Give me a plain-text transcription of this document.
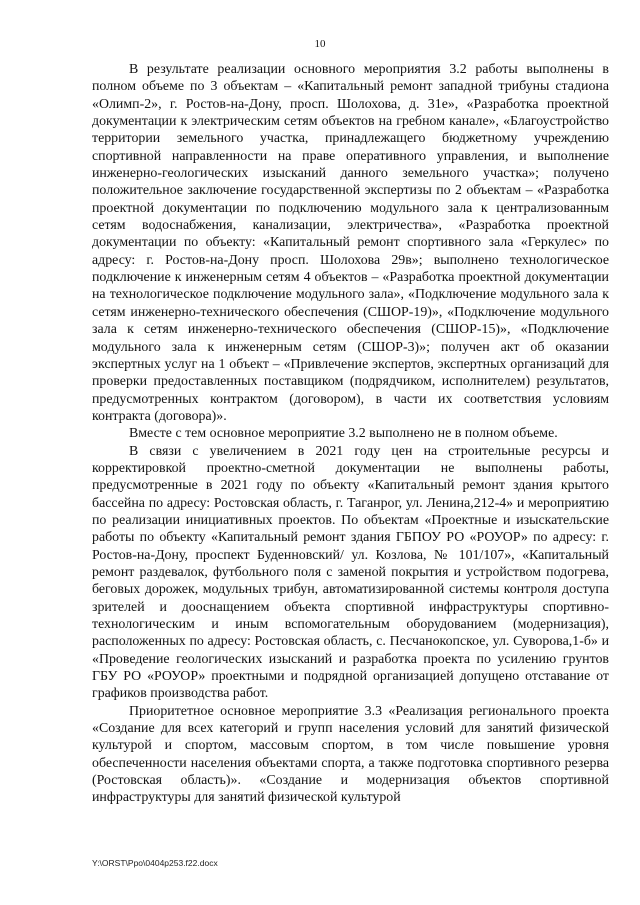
10

В результате реализации основного мероприятия 3.2 работы выполнены в полном объеме по 3 объектам – «Капитальный ремонт западной трибуны стадиона «Олимп-2», г. Ростов-на-Дону, просп. Шолохова, д. 31е», «Разработка проектной документации к электрическим сетям объектов на гребном канале», «Благоустройство территории земельного участка, принадлежащего бюджетному учреждению спортивной направленности на праве оперативного управления, и выполнение инженерно-геологических изысканий данного земельного участка»; получено положительное заключение государственной экспертизы по 2 объектам – «Разработка проектной документации по подключению модульного зала к централизованным сетям водоснабжения, канализации, электричества», «Разработка проектной документации по объекту: «Капитальный ремонт спортивного зала «Геркулес» по адресу: г. Ростов-на-Дону просп. Шолохова 29в»; выполнено технологическое подключение к инженерным сетям 4 объектов – «Разработка проектной документации на технологическое подключение модульного зала», «Подключение модульного зала к сетям инженерно-технического обеспечения (СШОР-19)», «Подключение модульного зала к сетям инженерно-технического обеспечения (СШОР-15)», «Подключение модульного зала к инженерным сетям (СШОР-3)»; получен акт об оказании экспертных услуг на 1 объект – «Привлечение экспертов, экспертных организаций для проверки предоставленных поставщиком (подрядчиком, исполнителем) результатов, предусмотренных контрактом (договором), в части их соответствия условиям контракта (договора)».

Вместе с тем основное мероприятие 3.2 выполнено не в полном объеме.

В связи с увеличением в 2021 году цен на строительные ресурсы и корректировкой проектно-сметной документации не выполнены работы, предусмотренные в 2021 году по объекту «Капитальный ремонт здания крытого бассейна по адресу: Ростовская область, г. Таганрог, ул. Ленина,212-4» и мероприятию по реализации инициативных проектов. По объектам «Проектные и изыскательские работы по объекту «Капитальный ремонт здания ГБПОУ РО «РОУОР» по адресу: г. Ростов-на-Дону, проспект Буденновский/ ул. Козлова, № 101/107», «Капитальный ремонт раздевалок, футбольного поля с заменой покрытия и устройством подогрева, беговых дорожек, модульных трибун, автоматизированной системы контроля доступа зрителей и дооснащением объекта спортивной инфраструктуры спортивно-технологическим и иным вспомогательным оборудованием (модернизация), расположенных по адресу: Ростовская область, с. Песчанокопское, ул. Суворова,1-б» и «Проведение геологических изысканий и разработка проекта по усилению грунтов ГБУ РО «РОУОР» проектными и подрядной организацией допущено отставание от графиков производства работ.

Приоритетное основное мероприятие 3.3 «Реализация регионального проекта «Создание для всех категорий и групп населения условий для занятий физической культурой и спортом, массовым спортом, в том числе повышение уровня обеспеченности населения объектами спорта, а также подготовка спортивного резерва (Ростовская область)». «Создание и модернизация объектов спортивной инфраструктуры для занятий физической культурой

Y:\ORST\Ppo\0404p253.f22.docx
